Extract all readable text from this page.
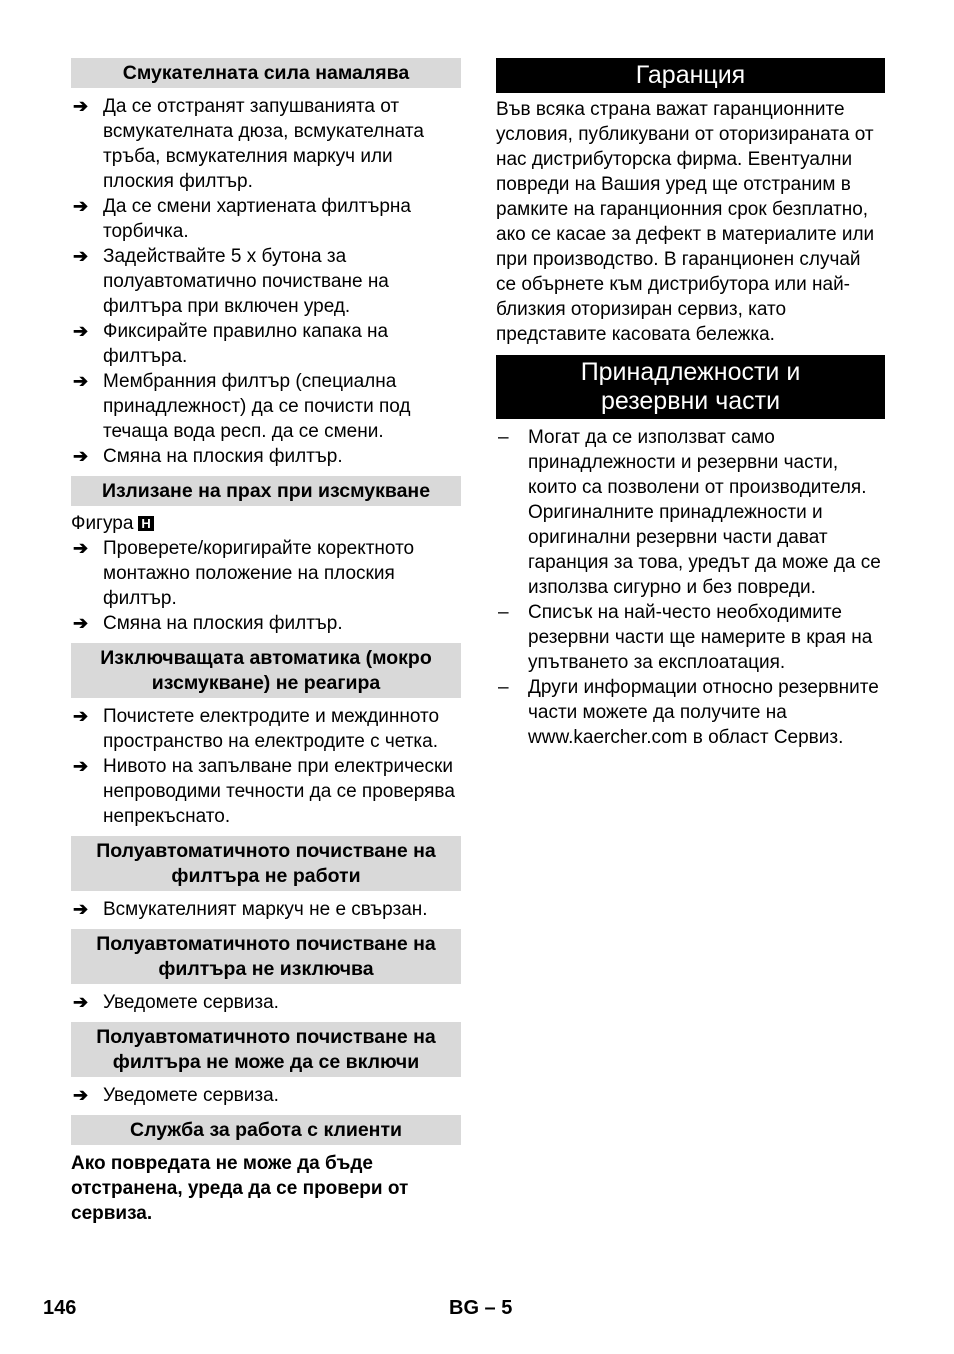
Смукателната сила намалява
➔ Да се отстранят запушванията от всмукателната дюза, всмукателната тръба, всмукателния маркуч или плоския филтър.
➔ Да се смени хартиената филтърна торбичка.
➔ Задействайте 5 х бутона за полуавтоматично почистване на филтъра при включен уред.
➔ Фиксирайте правилно капака на филтъра.
➔ Мембранния филтър (специална принадлежност) да се почисти под течаща вода респ. да се смени.
➔ Смяна на плоския филтър.
Излизане на прах при изсмукване
Фигура H
➔ Проверете/коригирайте коректното монтажно положение на плоския филтър.
➔ Смяна на плоския филтър.
Изключващата автоматика (мокро изсмукване) не реагира
➔ Почистете електродите и междинното пространство на електродите с четка.
➔ Нивото на запълване при електрически непроводими течности да се проверява непрекъснато.
Полуавтоматичното почистване на филтъра не работи
➔ Всмукателният маркуч не е свързан.
Полуавтоматичното почистване на филтъра не изключва
➔ Уведомете сервиза.
Полуавтоматичното почистване на филтъра не може да се включи
➔ Уведомете сервиза.
Служба за работа с клиенти
Ако повредата не може да бъде отстранена, уреда да се провери от сервиза.
Гаранция
Във всяка страна важат гаранционните условия, публикувани от оторизираната от нас дистрибуторска фирма. Евентуални повреди на Вашия уред ще отстраним в рамките на гаранционния срок безплатно, ако се касае за дефект в материалите или при производство. В гаранционен случай се обърнете към дистрибутора или най-близкия оторизиран сервиз, като представите касовата бележка.
Принадлежности и
резервни части
– Могат да се използват само принадлежности и резервни части, които са позволени от производителя. Оригиналните принадлежности и оригинални резервни части дават гаранция за това, уредът да може да се използва сигурно и без повреди.
– Списък на най-често необходимите резервни части ще намерите в края на упътването за експлоатация.
– Други информации относно резервните части можете да получите на www.kaercher.com в област Сервиз.
146	BG – 5
